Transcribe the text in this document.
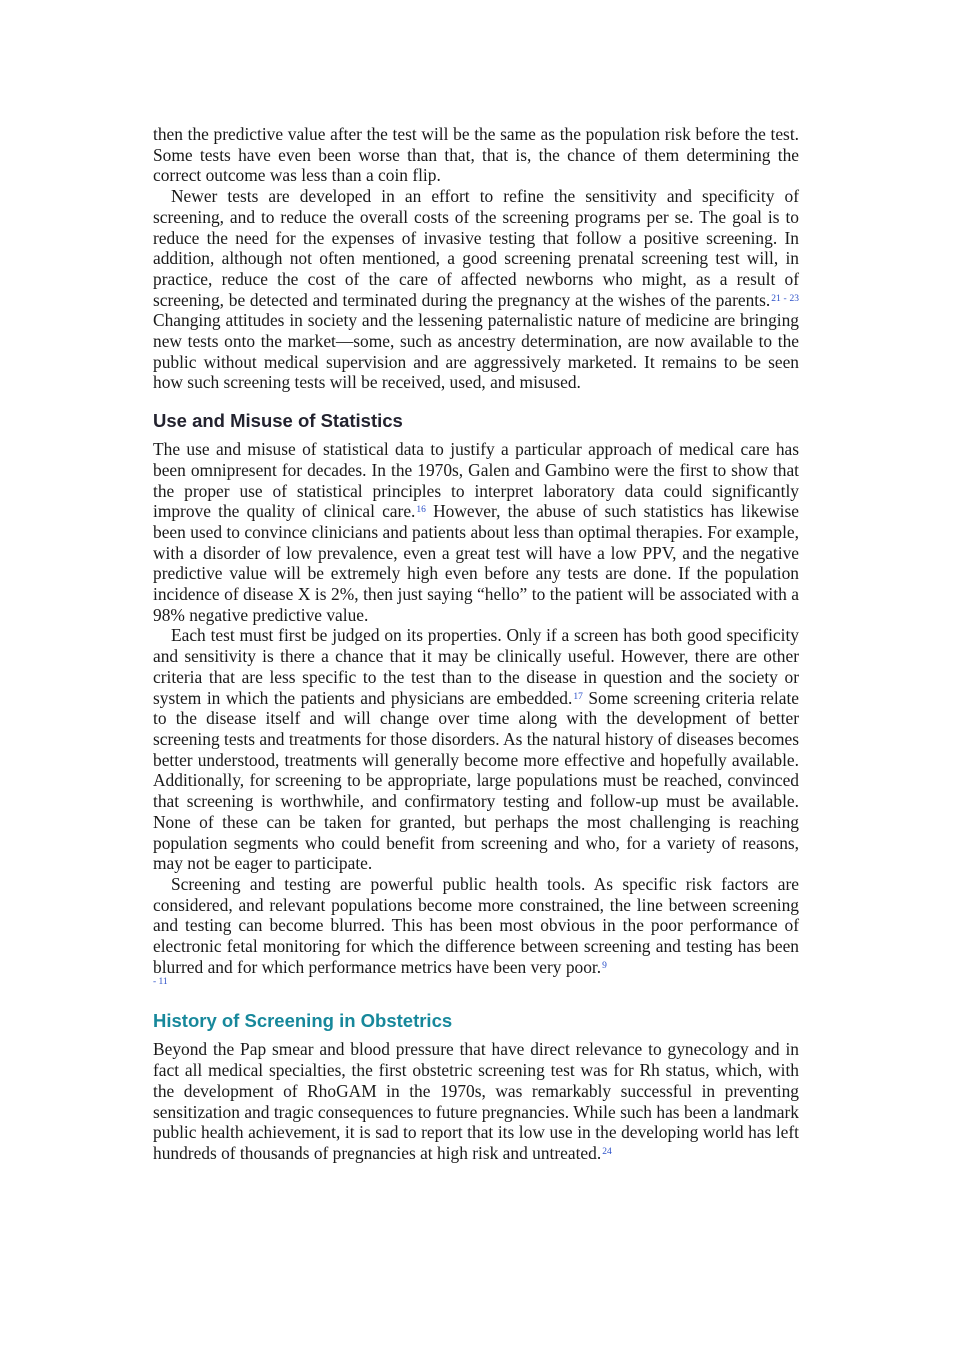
then the predictive value after the test will be the same as the population risk before the test. Some tests have even been worse than that, that is, the chance of them determining the correct outcome was less than a coin flip.

Newer tests are developed in an effort to refine the sensitivity and specificity of screening, and to reduce the overall costs of the screening programs per se. The goal is to reduce the need for the expenses of invasive testing that follow a positive screening. In addition, although not often mentioned, a good screening prenatal screening test will, in practice, reduce the cost of the care of affected newborns who might, as a result of screening, be detected and terminated during the pregnancy at the wishes of the parents.$^{21 - 23}$ Changing attitudes in society and the lessening paternalistic nature of medicine are bringing new tests onto the market—some, such as ancestry determination, are now available to the public without medical supervision and are aggressively marketed. It remains to be seen how such screening tests will be received, used, and misused.

Use and Misuse of Statistics

The use and misuse of statistical data to justify a particular approach of medical care has been omnipresent for decades. In the 1970s, Galen and Gambino were the first to show that the proper use of statistical principles to interpret laboratory data could significantly improve the quality of clinical care.$^{16}$ However, the abuse of such statistics has likewise been used to convince clinicians and patients about less than optimal therapies. For example, with a disorder of low prevalence, even a great test will have a low PPV, and the negative predictive value will be extremely high even before any tests are done. If the population incidence of disease X is 2%, then just saying “hello” to the patient will be associated with a 98% negative predictive value.

Each test must first be judged on its properties. Only if a screen has both good specificity and sensitivity is there a chance that it may be clinically useful. However, there are other criteria that are less specific to the test than to the disease in question and the society or system in which the patients and physicians are embedded.$^{17}$ Some screening criteria relate to the disease itself and will change over time along with the development of better screening tests and treatments for those disorders. As the natural history of diseases becomes better understood, treatments will generally become more effective and hopefully available. Additionally, for screening to be appropriate, large populations must be reached, convinced that screening is worthwhile, and confirmatory testing and follow-up must be available. None of these can be taken for granted, but perhaps the most challenging is reaching population segments who could benefit from screening and who, for a variety of reasons, may not be eager to participate.

Screening and testing are powerful public health tools. As specific risk factors are considered, and relevant populations become more constrained, the line between screening and testing can become blurred. This has been most obvious in the poor performance of electronic fetal monitoring for which the difference between screening and testing has been blurred and for which performance metrics have been very poor.$^9$

- 11
History of Screening in Obstetrics

Beyond the Pap smear and blood pressure that have direct relevance to gynecology and in fact all medical specialties, the first obstetric screening test was for Rh status, which, with the development of RhoGAM in the 1970s, was remarkably successful in preventing sensitization and tragic consequences to future pregnancies. While such has been a landmark public health achievement, it is sad to report that its low use in the developing world has left hundreds of thousands of pregnancies at high risk and untreated.$^{24}$
